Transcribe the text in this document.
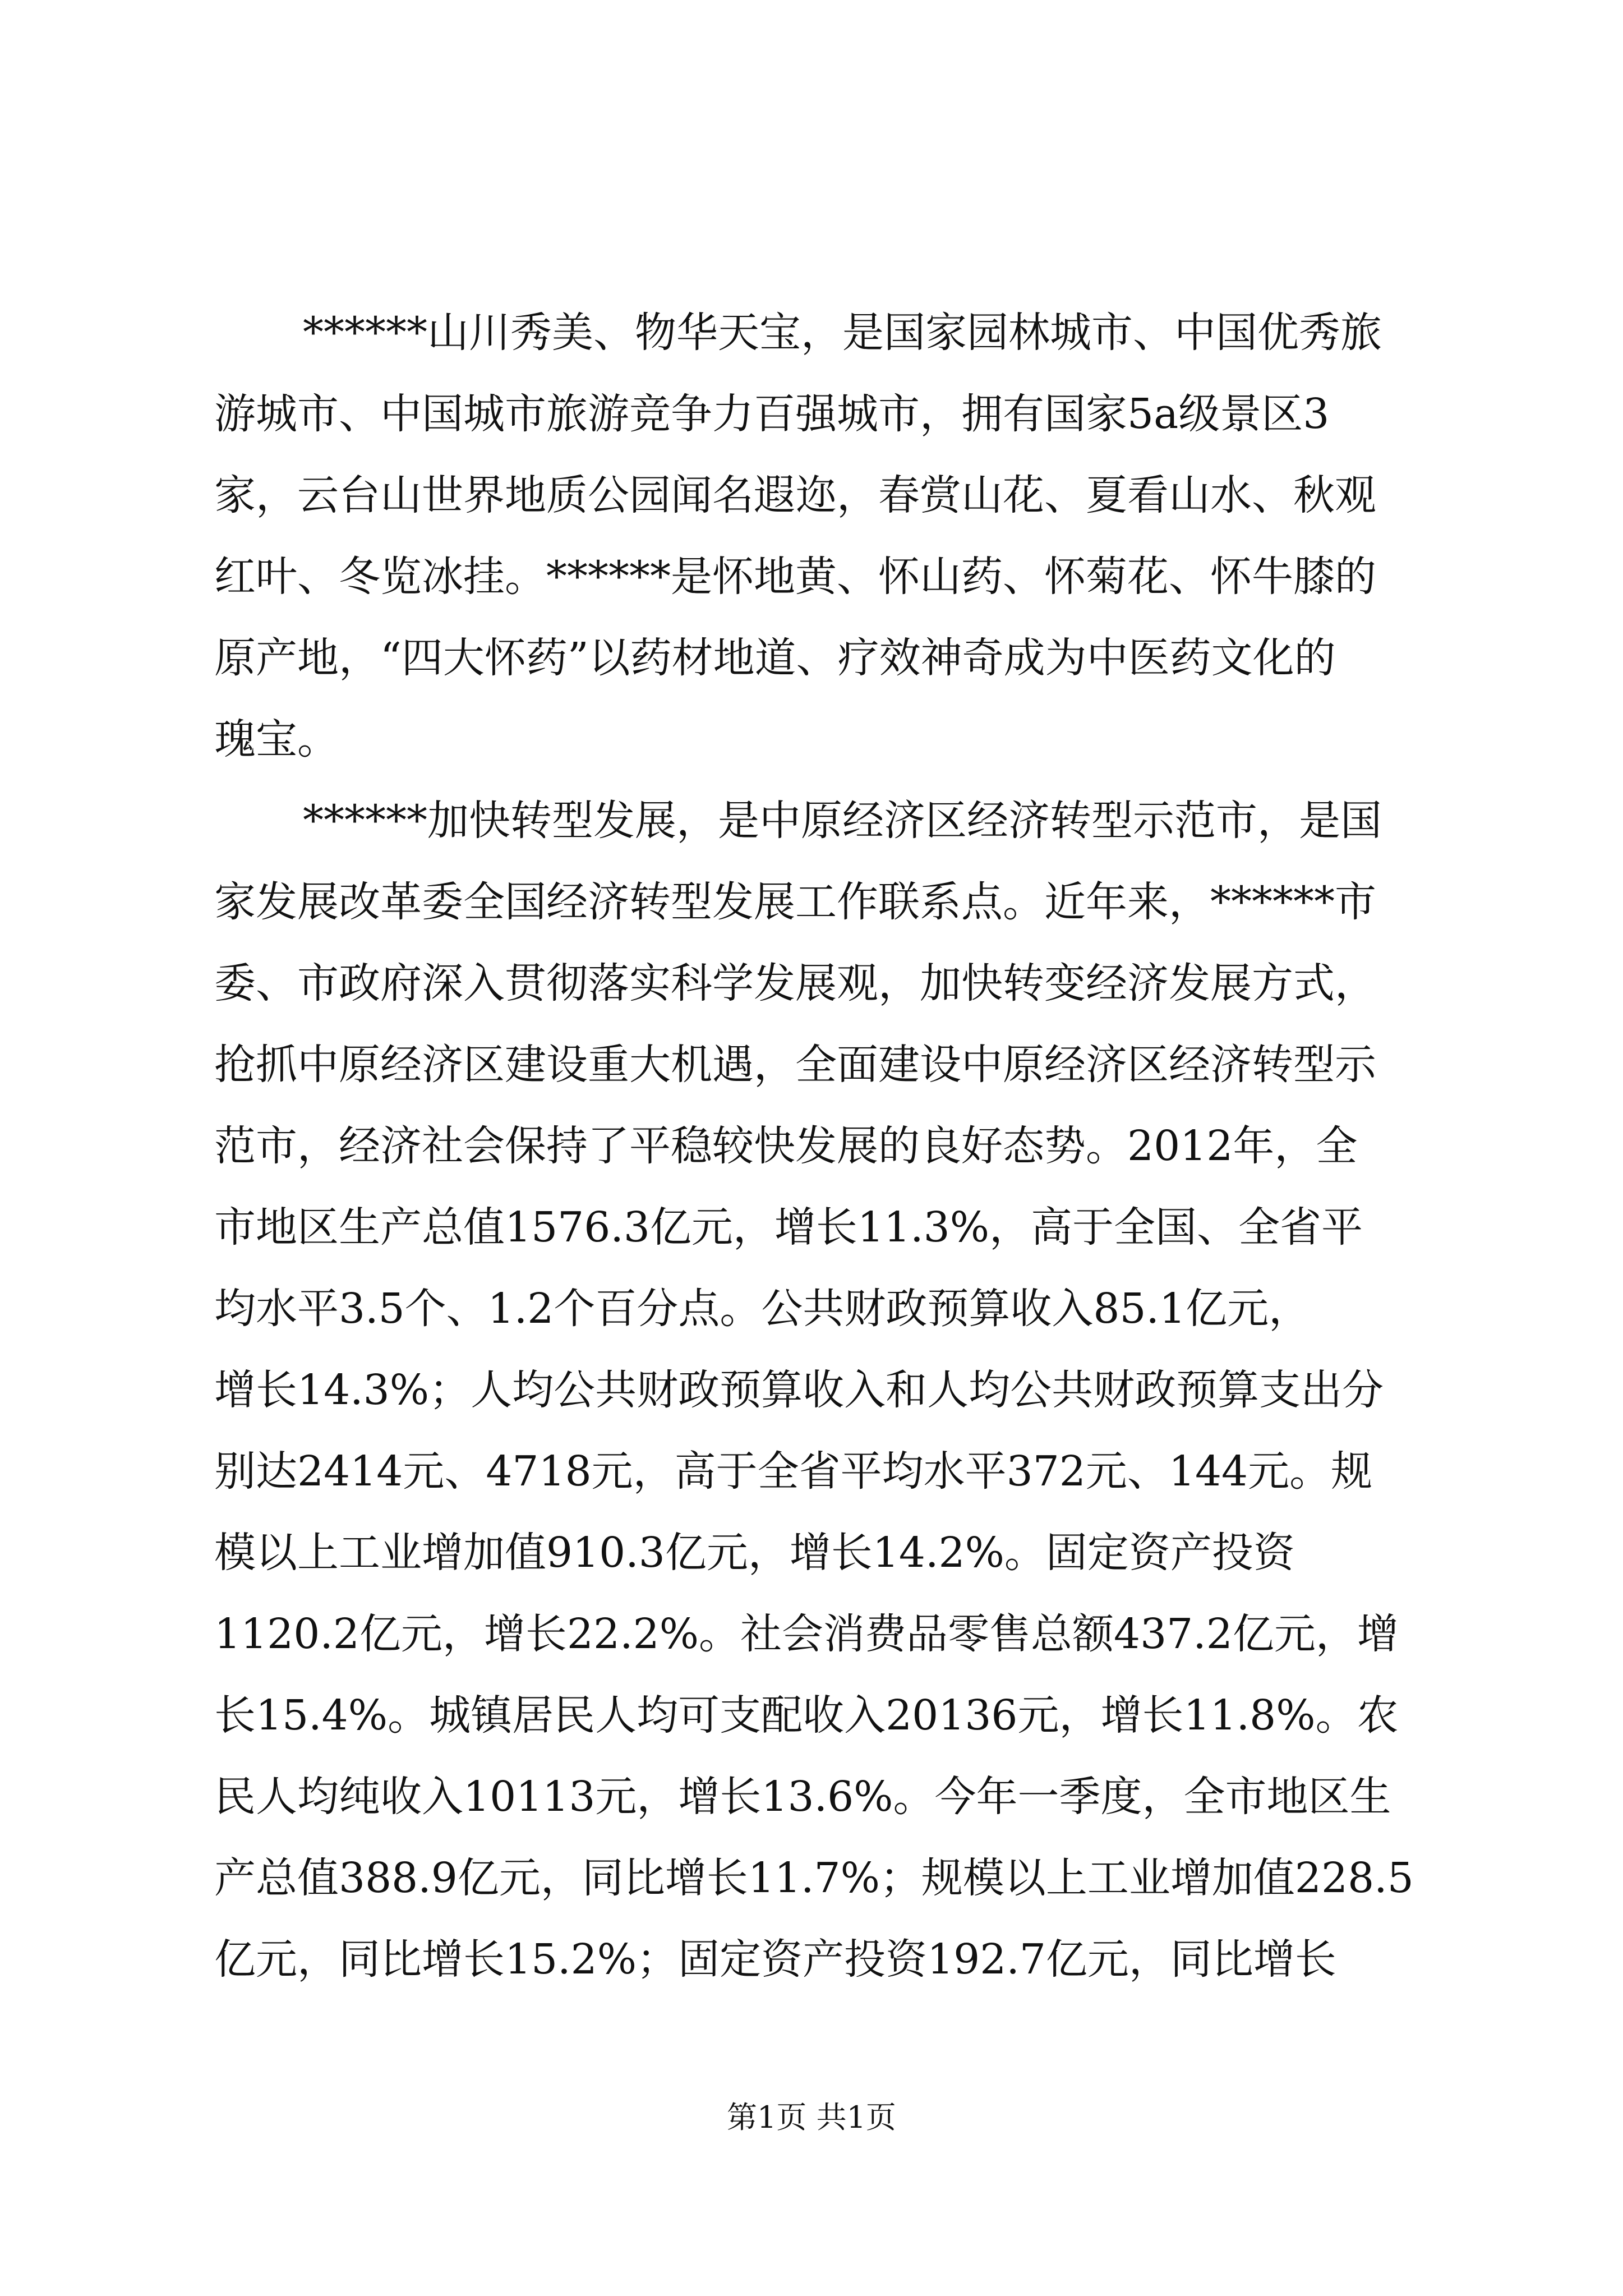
******山川秀美、物华天宝，是国家园林城市、中国优秀旅

游城市、中国城市旅游竞争力百强城市，拥有国家5a级景区3

家，云台山世界地质公园闻名遐迩，春赏山花、夏看山水、秋观

红叶、冬览冰挂。******是怀地黄、怀山药、怀菊花、怀牛膝的

原产地，“四大怀药”以药材地道、疗效神奇成为中医药文化的

瑰宝。

******加快转型发展，是中原经济区经济转型示范市，是国

家发展改革委全国经济转型发展工作联系点。近年来，******市

委、市政府深入贯彻落实科学发展观，加快转变经济发展方式，

抢抓中原经济区建设重大机遇，全面建设中原经济区经济转型示

范市，经济社会保持了平稳较快发展的良好态势。2012年，全

市地区生产总值1576.3亿元，增长11.3%，高于全国、全省平

均水平3.5个、1.2个百分点。公共财政预算收入85.1亿元，

增长14.3%；人均公共财政预算收入和人均公共财政预算支出分

别达2414元、4718元，高于全省平均水平372元、144元。规

模以上工业增加值910.3亿元，增长14.2%。固定资产投资

1120.2亿元，增长22.2%。社会消费品零售总额437.2亿元，增

长15.4%。城镇居民人均可支配收入20136元，增长11.8%。农

民人均纯收入10113元，增长13.6%。今年一季度，全市地区生

产总值388.9亿元，同比增长11.7%；规模以上工业增加值228.5

亿元，同比增长15.2%；固定资产投资192.7亿元，同比增长

第1页 共1页
